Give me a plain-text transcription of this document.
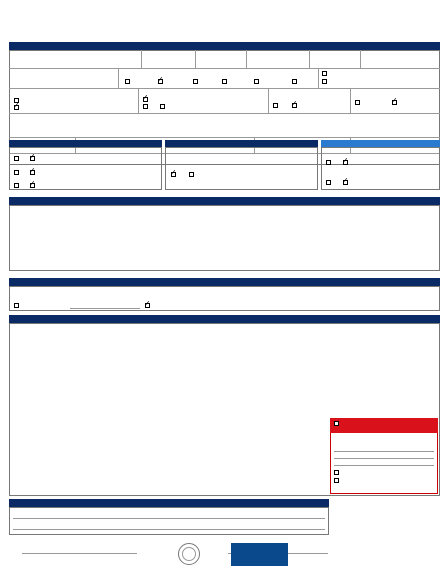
✓
✓
✓
✓	✓
✓
✓
✓
✓
✓
✓
✓
